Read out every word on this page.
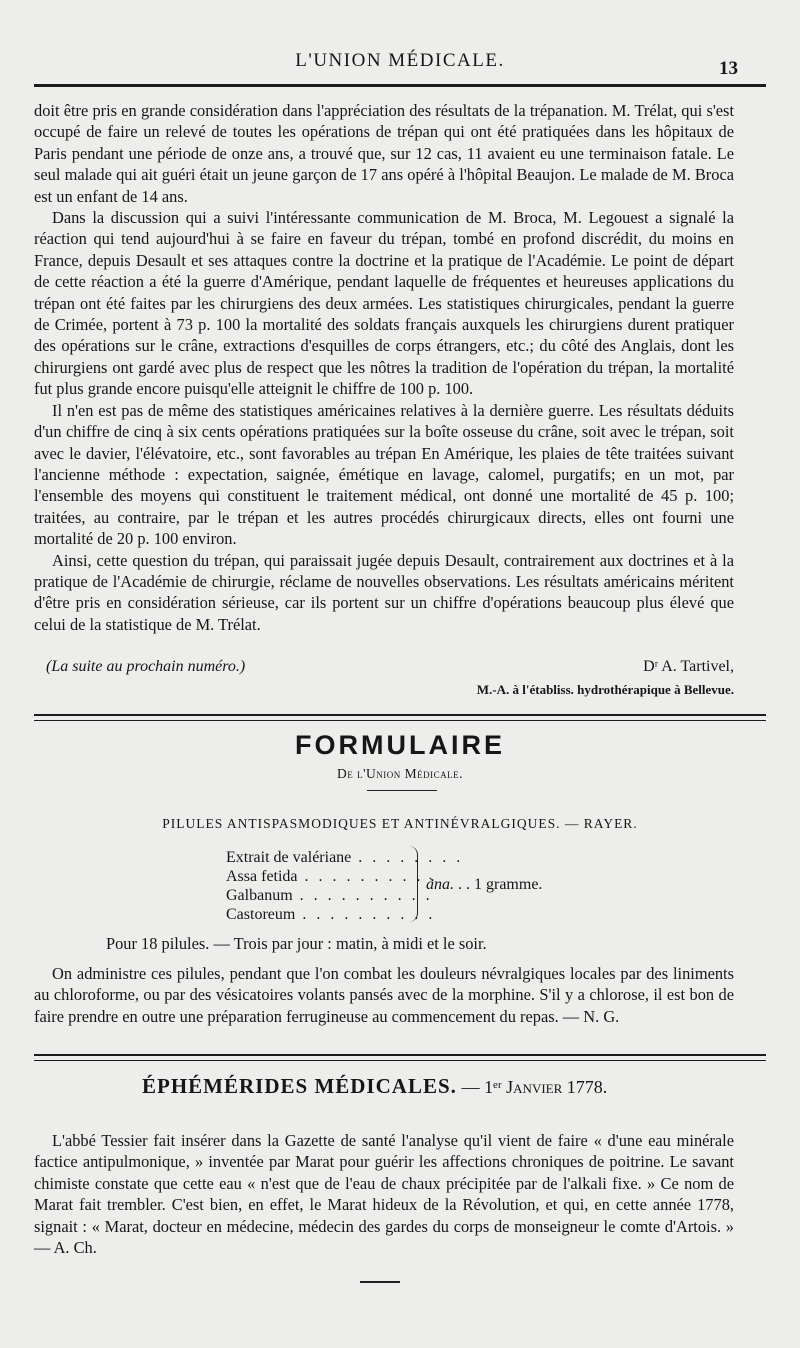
L'UNION MÉDICALE.	13

doit être pris en grande considération dans l'appréciation des résultats de la trépanation. M. Trélat, qui s'est occupé de faire un relevé de toutes les opérations de trépan qui ont été pratiquées dans les hôpitaux de Paris pendant une période de onze ans, a trouvé que, sur 12 cas, 11 avaient eu une terminaison fatale. Le seul malade qui ait guéri était un jeune garçon de 17 ans opéré à l'hôpital Beaujon. Le malade de M. Broca est un enfant de 14 ans.

Dans la discussion qui a suivi l'intéressante communication de M. Broca, M. Legouest a signalé la réaction qui tend aujourd'hui à se faire en faveur du trépan, tombé en profond discrédit, du moins en France, depuis Desault et ses attaques contre la doctrine et la pratique de l'Académie. Le point de départ de cette réaction a été la guerre d'Amérique, pendant laquelle de fréquentes et heureuses applications du trépan ont été faites par les chirurgiens des deux armées. Les statistiques chirurgicales, pendant la guerre de Crimée, portent à 73 p. 100 la mortalité des soldats français auxquels les chirurgiens durent pratiquer des opérations sur le crâne, extractions d'esquilles de corps étrangers, etc.; du côté des Anglais, dont les chirurgiens ont gardé avec plus de respect que les nôtres la tradition de l'opération du trépan, la mortalité fut plus grande encore puisqu'elle atteignit le chiffre de 100 p. 100.

Il n'en est pas de même des statistiques américaines relatives à la dernière guerre. Les résultats déduits d'un chiffre de cinq à six cents opérations pratiquées sur la boîte osseuse du crâne, soit avec le trépan, soit avec le davier, l'élévatoire, etc., sont favorables au trépan En Amérique, les plaies de tête traitées suivant l'ancienne méthode : expectation, saignée, émétique en lavage, calomel, purgatifs; en un mot, par l'ensemble des moyens qui constituent le traitement médical, ont donné une mortalité de 45 p. 100; traitées, au contraire, par le trépan et les autres procédés chirurgicaux directs, elles ont fourni une mortalité de 20 p. 100 environ.

Ainsi, cette question du trépan, qui paraissait jugée depuis Desault, contrairement aux doctrines et à la pratique de l'Académie de chirurgie, réclame de nouvelles observations. Les résultats américains méritent d'être pris en considération sérieuse, car ils portent sur un chiffre d'opérations beaucoup plus élevé que celui de la statistique de M. Trélat.

(La suite au prochain numéro.)	Dʳ A. Tartivel,
M.-A. à l'établiss. hydrothérapique à Bellevue.
FORMULAIRE
De l'Union Médicale.
PILULES ANTISPASMODIQUES ET ANTINÉVRALGIQUES. — RAYER.
Extrait de valériane . . . . . . . .
Assa fetida . . . . . . . . . .
Galbanum . . . . . . . . . .
Castoreum . . . . . . . . . .
àna. . . 1 gramme.
Pour 18 pilules. — Trois par jour : matin, à midi et le soir.

On administre ces pilules, pendant que l'on combat les douleurs névralgiques locales par des liniments au chloroforme, ou par des vésicatoires volants pansés avec de la morphine. S'il y a chlorose, il est bon de faire prendre en outre une préparation ferrugineuse au commencement du repas. — N. G.

ÉPHÉMÉRIDES MÉDICALES. — 1ᵉʳ Janvier 1778.

L'abbé Tessier fait insérer dans la Gazette de santé l'analyse qu'il vient de faire « d'une eau minérale factice antipulmonique, » inventée par Marat pour guérir les affections chroniques de poitrine. Le savant chimiste constate que cette eau « n'est que de l'eau de chaux précipitée par de l'alkali fixe. » Ce nom de Marat fait trembler. C'est bien, en effet, le Marat hideux de la Révolution, et qui, en cette année 1778, signait : « Marat, docteur en médecine, médecin des gardes du corps de monseigneur le comte d'Artois. » — A. Ch.
